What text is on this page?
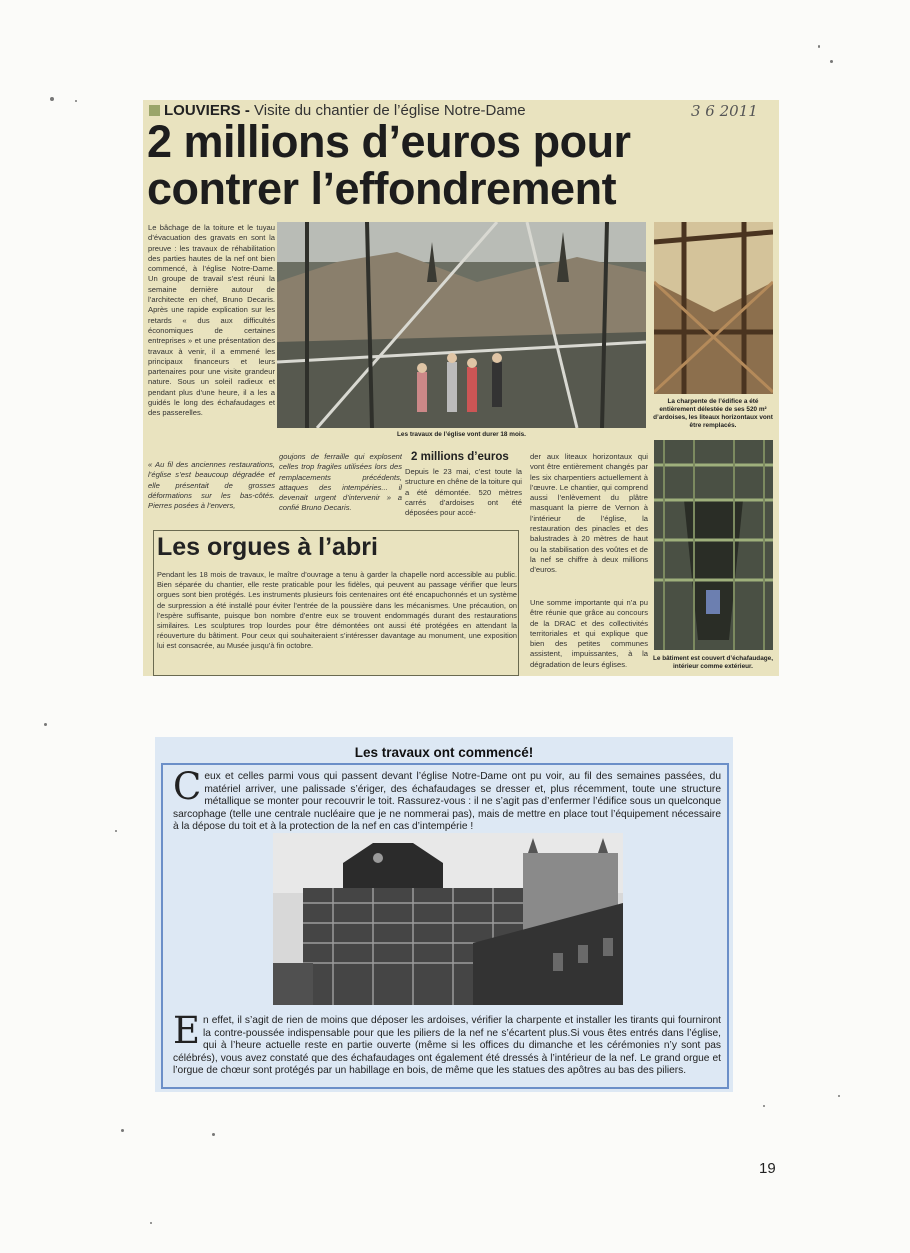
LOUVIERS - Visite du chantier de l’église Notre-Dame	3 6 2011
2 millions d’euros pour
contrer l’effondrement
Le bâchage de la toiture et le tuyau d’évacuation des gravats en sont la preuve : les travaux de réhabilitation des parties hautes de la nef ont bien commencé, à l’église Notre-Dame. Un groupe de travail s’est réuni la semaine dernière autour de l’architecte en chef, Bruno Decaris. Après une rapide explication sur les retards « dus aux difficultés économiques de certaines entreprises » et une présentation des travaux à venir, il a emmené les principaux financeurs et leurs partenaires pour une visite grandeur nature. Sous un soleil radieux et pendant plus d’une heure, il a les a guidés le long des échafaudages et des passerelles.
« Au fil des anciennes restaurations, l’église s’est beaucoup dégradée et elle présentait de grosses déformations sur les bas-côtés. Pierres posées à l’envers,
Les travaux de l’église vont durer 18 mois.
La charpente de l’édifice a été entièrement délestée de ses 520 m² d’ardoises, les liteaux horizontaux vont être remplacés.
Le bâtiment est couvert d’échafaudage, intérieur comme extérieur.
goujons de ferraille qui explosent celles trop fragiles utilisées lors des remplacements précédents, attaques des intempéries... il devenait urgent d’intervenir » a confié Bruno Decaris.
2 millions d’euros
Depuis le 23 mai, c’est toute la structure en chêne de la toiture qui a été démontée. 520 mètres carrés d’ardoises ont été déposées pour accé-
der aux liteaux horizontaux qui vont être entièrement changés par les six charpentiers actuellement à l’œuvre. Le chantier, qui comprend aussi l’enlèvement du plâtre masquant la pierre de Vernon à l’intérieur de l’église, la restauration des pinacles et des balustrades à 20 mètres de haut ou la stabilisation des voûtes et de la nef se chiffre à deux millions d’euros.
Une somme importante qui n’a pu être réunie que grâce au concours de la DRAC et des collectivités territoriales et qui explique que bien des petites communes assistent, impuissantes, à la dégradation de leurs églises.
Les orgues à l’abri
Pendant les 18 mois de travaux, le maître d’ouvrage a tenu à garder la chapelle nord accessible au public. Bien séparée du chantier, elle reste praticable pour les fidèles, qui peuvent au passage vérifier que leurs orgues sont bien protégés. Les instruments plusieurs fois centenaires ont été encapuchonnés et un système de surpression a été installé pour éviter l’entrée de la poussière dans les mécanismes. Une précaution, on l’espère suffisante, puisque bon nombre d’entre eux se trouvent endommagés durant des restaurations similaires. Les sculptures trop lourdes pour être démontées ont aussi été protégées en attendant la réouverture du bâtiment. Pour ceux qui souhaiteraient s’intéresser davantage au monument, une exposition lui est consacrée, au Musée jusqu’à fin octobre.
Les travaux ont commencé!
Ceux et celles parmi vous qui passent devant l’église Notre-Dame ont pu voir, au fil des semaines passées, du matériel arriver, une palissade s’ériger, des échafaudages se dresser et, plus récemment, toute une structure métallique se monter pour recouvrir le toit. Rassurez-vous : il ne s’agit pas d’enfermer l’édifice sous un quelconque sarcophage (telle une centrale nucléaire que je ne nommerai pas), mais de mettre en place tout l’équipement nécessaire à la dépose du toit et à la protection de la nef en cas d’intempérie !
En effet, il s’agit de rien de moins que déposer les ardoises, vérifier la charpente et installer les tirants qui fourniront la contre-poussée indispensable pour que les piliers de la nef ne s’écartent plus.Si vous êtes entrés dans l’église, qui à l’heure actuelle reste en partie ouverte (même si les offices du dimanche et les cérémonies n’y sont pas célébrés), vous avez constaté que des échafaudages ont également été dressés à l’intérieur de la nef. Le grand orgue et l’orgue de chœur sont protégés par un habillage en bois, de même que les statues des apôtres au bas des piliers.
19
